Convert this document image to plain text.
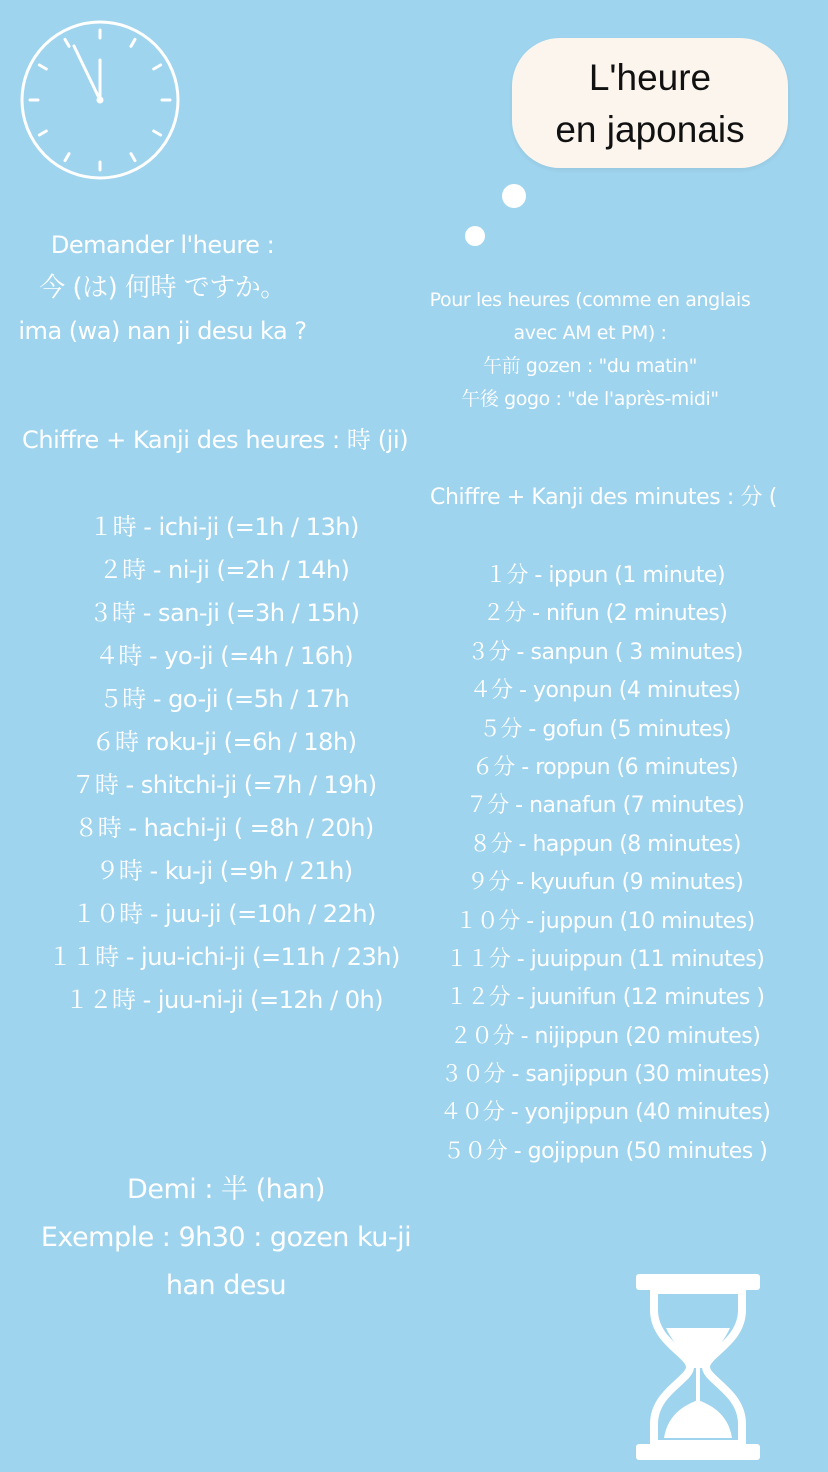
L'heure
en japonais
Demander l'heure :
今 (は) 何時 ですか。
ima (wa) nan ji desu ka ?
Pour les heures (comme en anglais
avec AM et PM) :
午前 gozen : "du matin"
午後 gogo : "de l'après-midi"
Chiffre + Kanji des heures : 時 (ji)
１時 - ichi-ji (=1h / 13h)
２時 - ni-ji (=2h / 14h)
３時 - san-ji (=3h / 15h)
４時 - yo-ji (=4h / 16h)
５時 - go-ji (=5h / 17h
６時 roku-ji (=6h / 18h)
７時 - shitchi-ji (=7h / 19h)
８時 - hachi-ji ( =8h / 20h)
９時 - ku-ji (=9h / 21h)
１０時 - juu-ji (=10h / 22h)
１１時 - juu-ichi-ji (=11h / 23h)
１２時 - juu-ni-ji (=12h / 0h)
Chiffre + Kanji des minutes : 分 (
１分 - ippun (1 minute)
２分 - nifun (2 minutes)
３分 - sanpun ( 3 minutes)
４分 - yonpun (4 minutes)
５分 - gofun (5 minutes)
６分 - roppun (6 minutes)
７分 - nanafun (7 minutes)
８分 - happun (8 minutes)
９分 - kyuufun (9 minutes)
１０分 - juppun (10 minutes)
１１分 - juuippun (11 minutes)
１２分 - juunifun (12 minutes )
２０分 - nijippun (20 minutes)
３０分 - sanjippun (30 minutes)
４０分 - yonjippun (40 minutes)
５０分 - gojippun (50 minutes )
Demi : 半 (han)
Exemple : 9h30 : gozen ku-ji
han desu
